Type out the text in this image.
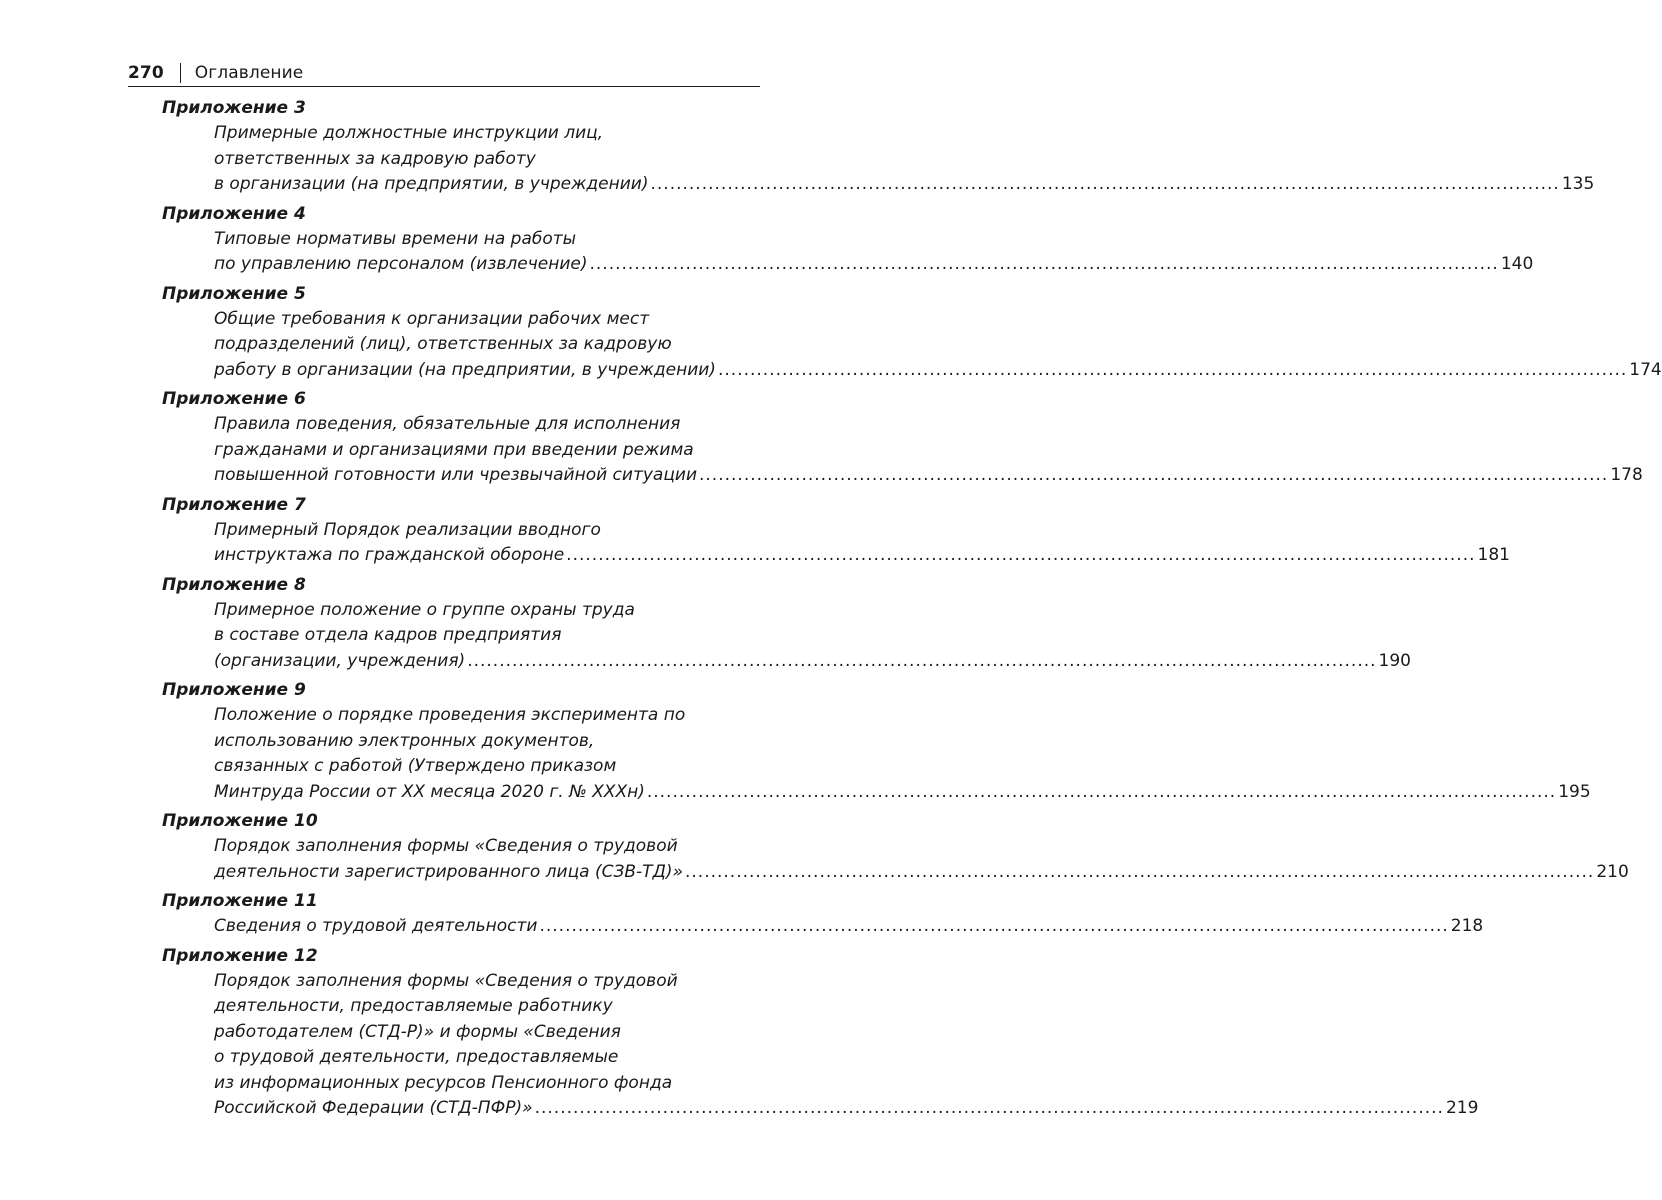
270 Оглавление
Приложение 3
Примерные должностные инструкции лиц,
ответственных за кадровую работу
в организации (на предприятии, в учреждении) .............................................................................................................................................. 135
Приложение 4
Типовые нормативы времени на работы
по управлению персоналом (извлечение) .............................................................................................................................................. 140
Приложение 5
Общие требования к организации рабочих мест
подразделений (лиц), ответственных за кадровую
работу в организации (на предприятии, в учреждении) .............................................................................................................................................. 174
Приложение 6
Правила поведения, обязательные для исполнения
гражданами и организациями при введении режима
повышенной готовности или чрезвычайной ситуации .............................................................................................................................................. 178
Приложение 7
Примерный Порядок реализации вводного
инструктажа по гражданской обороне .............................................................................................................................................. 181
Приложение 8
Примерное положение о группе охраны труда
в составе отдела кадров предприятия
(организации, учреждения) .............................................................................................................................................. 190
Приложение 9
Положение о порядке проведения эксперимента по
использованию электронных документов,
связанных с работой (Утверждено приказом
Минтруда России от XX месяца 2020 г. № XXXн) .............................................................................................................................................. 195
Приложение 10
Порядок заполнения формы «Сведения о трудовой
деятельности зарегистрированного лица (СЗВ-ТД)» .............................................................................................................................................. 210
Приложение 11
Сведения о трудовой деятельности .............................................................................................................................................. 218
Приложение 12
Порядок заполнения формы «Сведения о трудовой
деятельности, предоставляемые работнику
работодателем (СТД-Р)» и формы «Сведения
о трудовой деятельности, предоставляемые
из информационных ресурсов Пенсионного фонда
Российской Федерации (СТД-ПФР)» .............................................................................................................................................. 219
